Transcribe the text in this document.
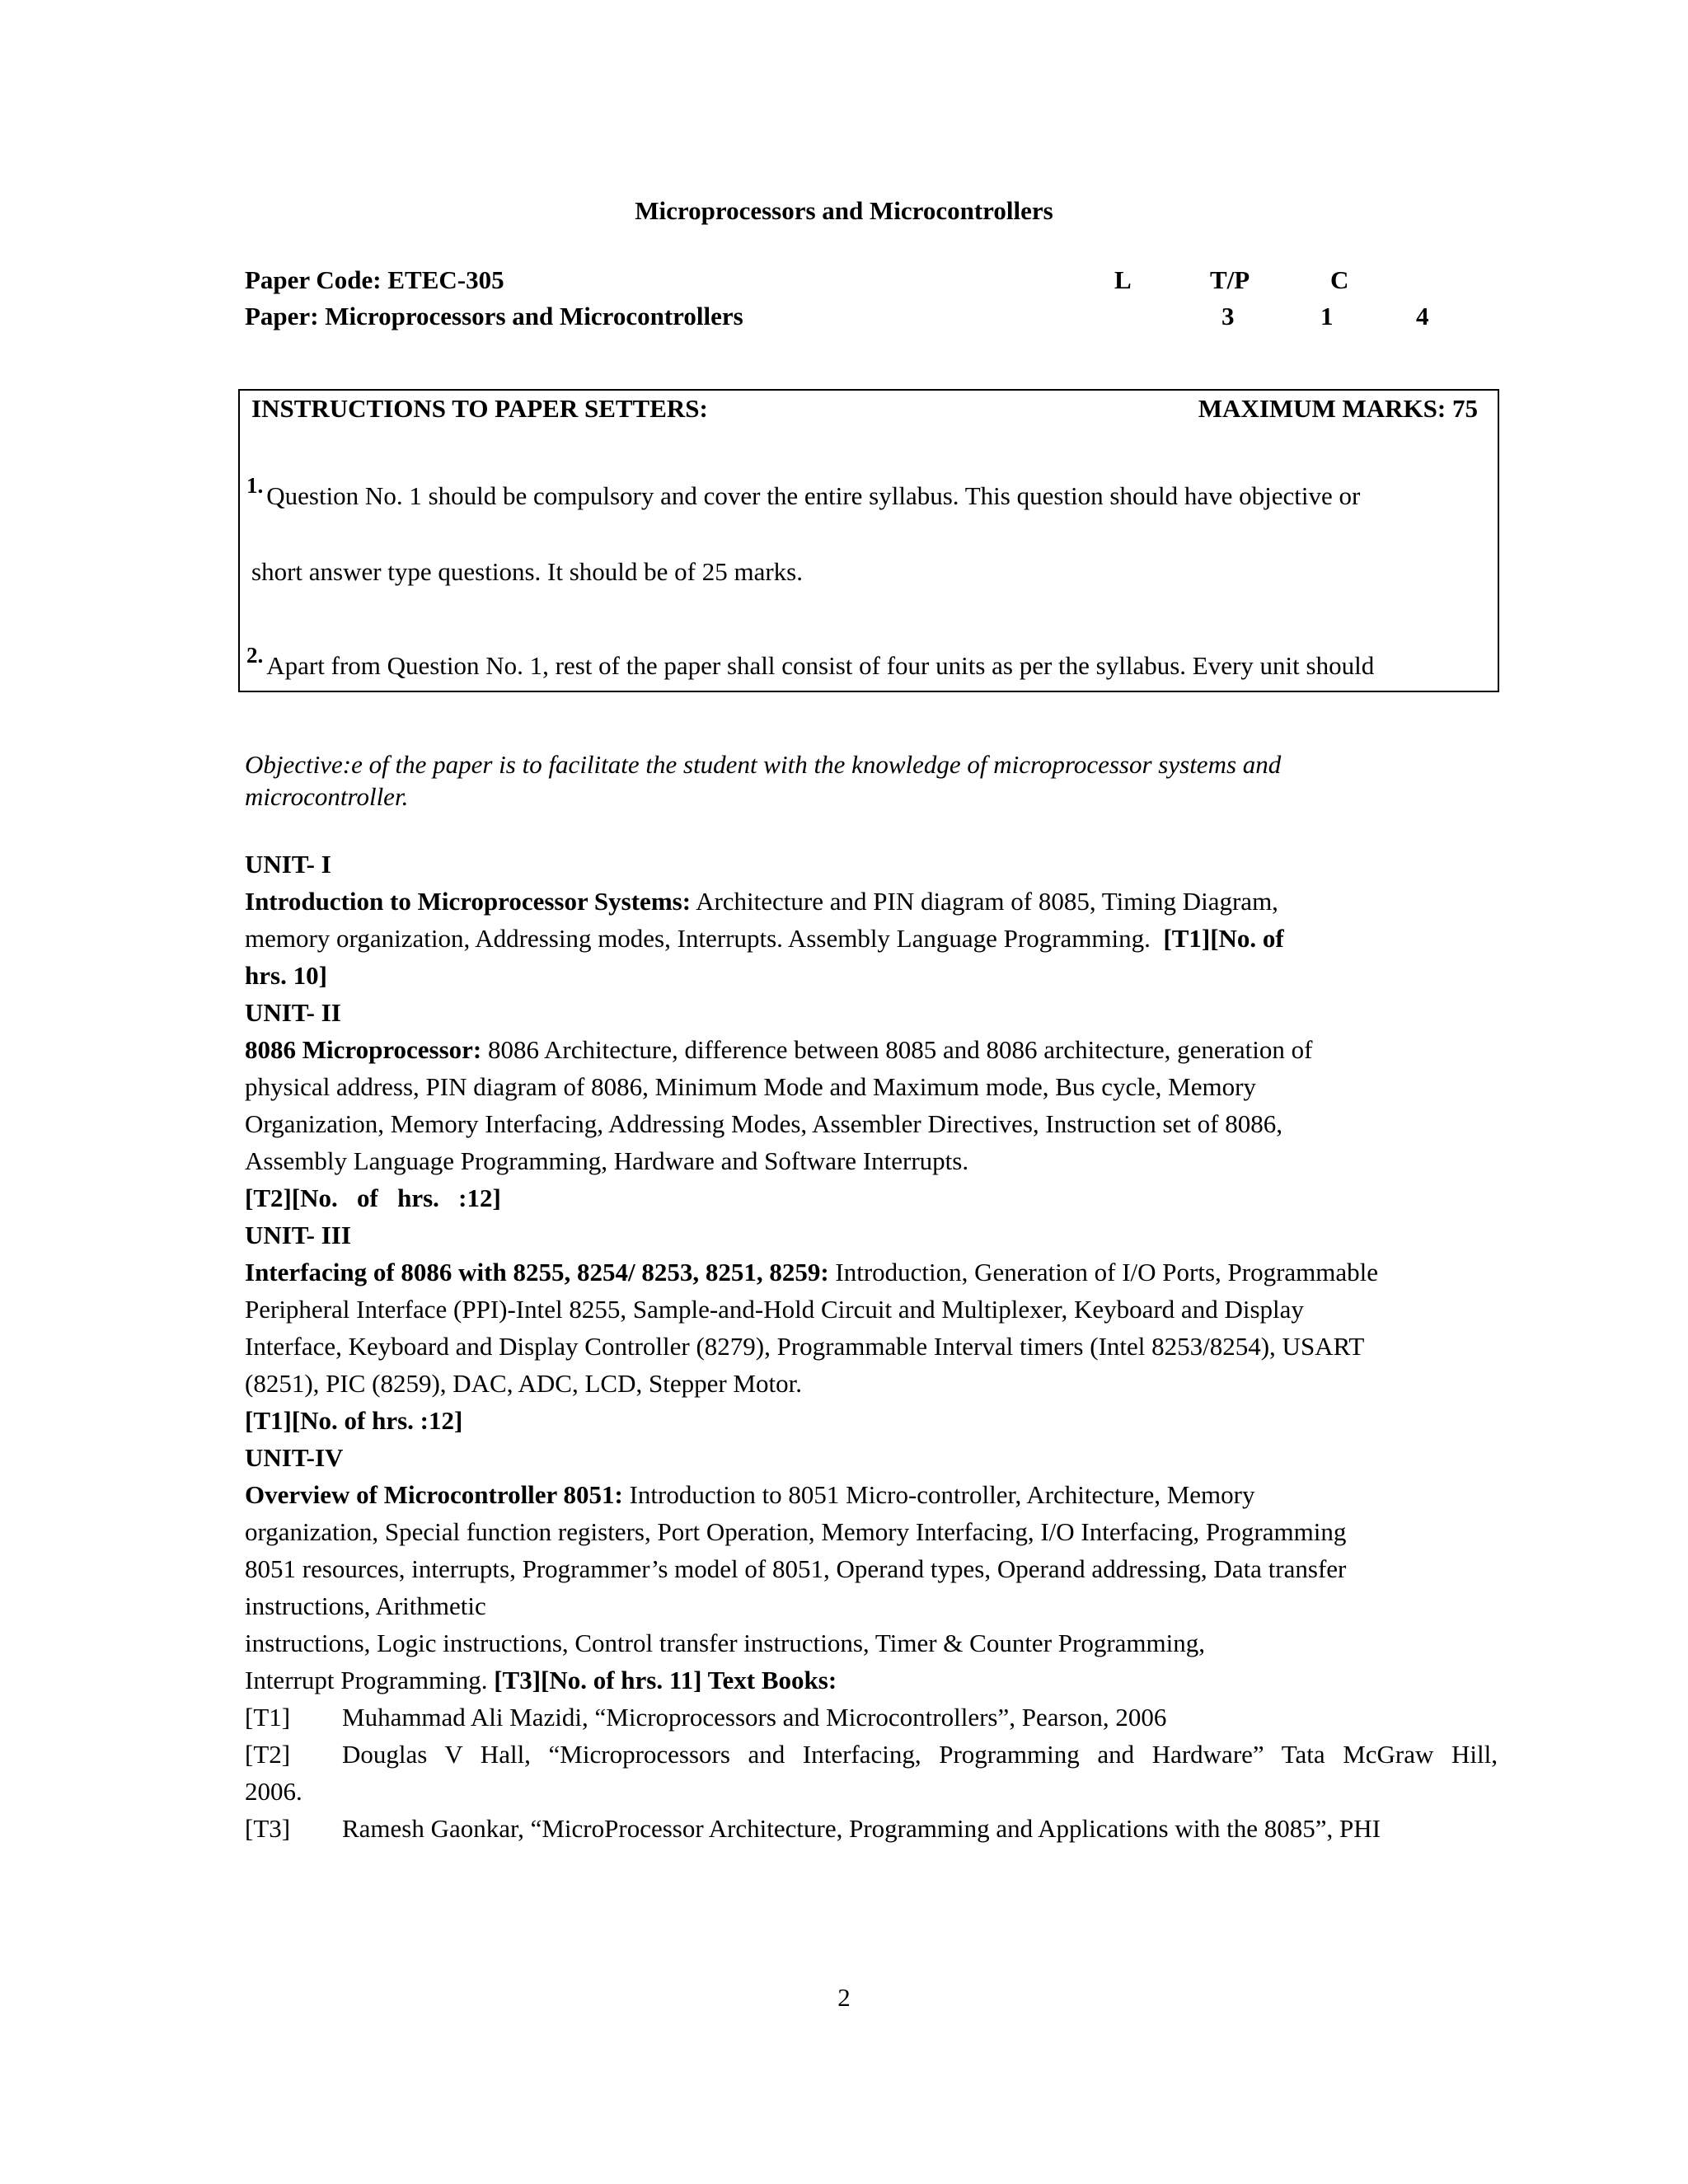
Microprocessors and Microcontrollers
Paper Code: ETEC-305
Paper: Microprocessors and Microcontrollers
L	T/P	C
3	1	4
INSTRUCTIONS TO PAPER SETTERS:	MAXIMUM MARKS: 75
1. Question No. 1 should be compulsory and cover the entire syllabus. This question should have objective or
short answer type questions. It should be of 25 marks.
2. Apart from Question No. 1, rest of the paper shall consist of four units as per the syllabus. Every unit should
Objective:e of the paper is to facilitate the student with the knowledge of microprocessor systems and
microcontroller.
UNIT- I
Introduction to Microprocessor Systems: Architecture and PIN diagram of 8085, Timing Diagram,
memory organization, Addressing modes, Interrupts. Assembly Language Programming. [T1][No. of
hrs. 10]
UNIT- II
8086 Microprocessor: 8086 Architecture, difference between 8085 and 8086 architecture, generation of
physical address, PIN diagram of 8086, Minimum Mode and Maximum mode, Bus cycle, Memory
Organization, Memory Interfacing, Addressing Modes, Assembler Directives, Instruction set of 8086,
Assembly Language Programming, Hardware and Software Interrupts.
[T2][No.   of   hrs.   :12]
UNIT- III
Interfacing of 8086 with 8255, 8254/ 8253, 8251, 8259: Introduction, Generation of I/O Ports, Programmable
Peripheral Interface (PPI)-Intel 8255, Sample-and-Hold Circuit and Multiplexer, Keyboard and Display
Interface, Keyboard and Display Controller (8279), Programmable Interval timers (Intel 8253/8254), USART
(8251), PIC (8259), DAC, ADC, LCD, Stepper Motor.
[T1][No. of hrs. :12]
UNIT-IV
Overview of Microcontroller 8051: Introduction to 8051 Micro-controller, Architecture, Memory
organization, Special function registers, Port Operation, Memory Interfacing, I/O Interfacing, Programming
8051 resources, interrupts, Programmer’s model of 8051, Operand types, Operand addressing, Data transfer
instructions, Arithmetic
instructions, Logic instructions, Control transfer instructions, Timer & Counter Programming,
Interrupt Programming. [T3][No. of hrs. 11] Text Books:
[T1]	Muhammad Ali Mazidi, “Microprocessors and Microcontrollers”, Pearson, 2006
[T2]	Douglas V Hall, “Microprocessors and Interfacing, Programming and Hardware” Tata McGraw Hill,
2006.
[T3]	Ramesh Gaonkar, “MicroProcessor Architecture, Programming and Applications with the 8085”, PHI
2
